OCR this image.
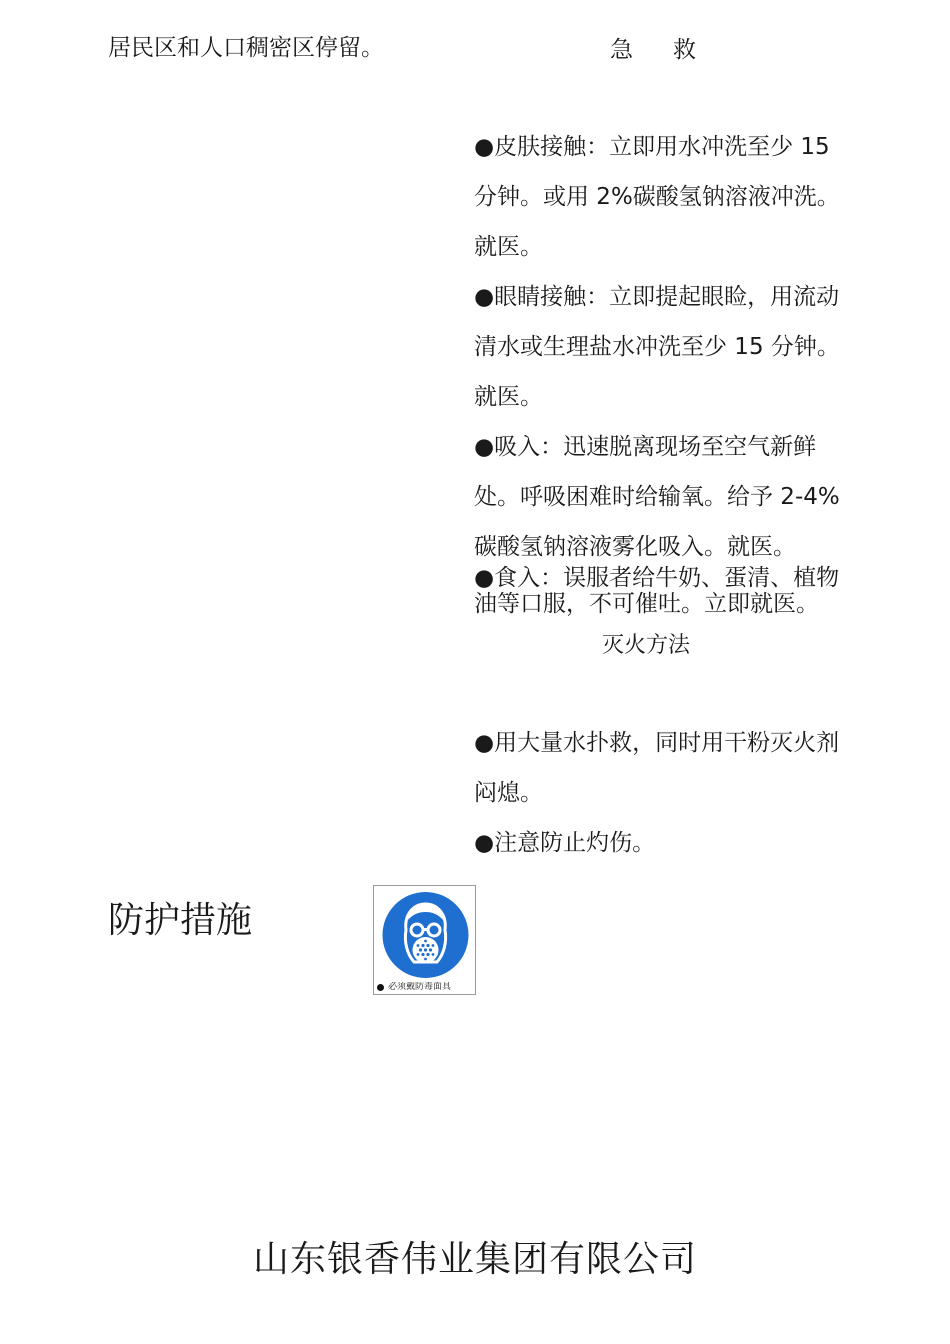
居民区和人口稠密区停留。	急 救

●皮肤接触：立即用水冲洗至少 15
分钟。或用 2%碳酸氢钠溶液冲洗。
就医。
●眼睛接触：立即提起眼睑，用流动
清水或生理盐水冲洗至少 15 分钟。
就医。
●吸入：迅速脱离现场至空气新鲜
处。呼吸困难时给输氧。给予 2-4%
碳酸氢钠溶液雾化吸入。就医。
●食入：误服者给牛奶、蛋清、植物
油等口服，不可催吐。立即就医。

灭火方法

●用大量水扑救，同时用干粉灭火剂
闷熄。
●注意防止灼伤。

防护措施

必须戴防毒面具

山东银香伟业集团有限公司
